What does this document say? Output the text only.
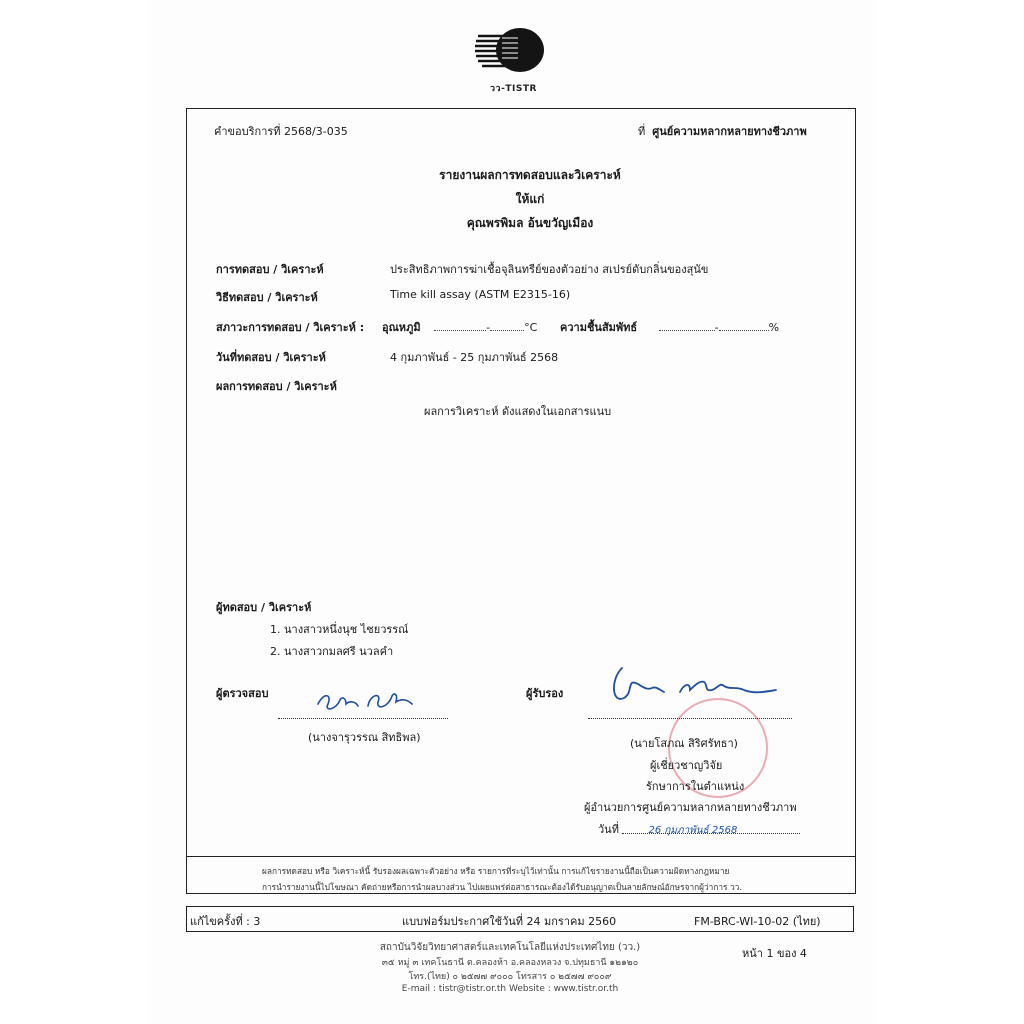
วว-TISTR
คำขอบริการที่ 2568/3-035	ที่ ศูนย์ความหลากหลายทางชีวภาพ
รายงานผลการทดสอบและวิเคราะห์
ให้แก่
คุณพรพิมล อ้นขวัญเมือง
การทดสอบ / วิเคราะห์	ประสิทธิภาพการฆ่าเชื้อจุลินทรีย์ของตัวอย่าง สเปรย์ดับกลิ่นของสุนัข
วิธีทดสอบ / วิเคราะห์	Time kill assay (ASTM E2315-16)
สภาวะการทดสอบ / วิเคราะห์ : อุณหภูมิ	-	°C ความชื้นสัมพัทธ์	-	%
วันที่ทดสอบ / วิเคราะห์	4 กุมภาพันธ์ - 25 กุมภาพันธ์ 2568
ผลการทดสอบ / วิเคราะห์
ผลการวิเคราะห์ ดังแสดงในเอกสารแนบ
ผู้ทดสอบ / วิเคราะห์
1. นางสาวหนึ่งนุช ไชยวรรณ์
2. นางสาวกมลศรี นวลคำ
ผู้ตรวจสอบ
(นางจารุวรรณ สิทธิพล)
ผู้รับรอง
(นายโสภณ สิริศรัทธา)
ผู้เชี่ยวชาญวิจัย
รักษาการในตำแหน่ง
ผู้อำนวยการศูนย์ความหลากหลายทางชีวภาพ
วันที่	26 กุมภาพันธ์ 2568
ผลการทดสอบ หรือ วิเคราะห์นี้ รับรองผลเฉพาะตัวอย่าง หรือ รายการที่ระบุไว้เท่านั้น การแก้ไขรายงานนี้ถือเป็นความผิดทางกฎหมาย
การนำรายงานนี้ไปโฆษณา คัดถ่ายหรือการนำผลบางส่วน ไปเผยแพร่ต่อสาธารณะต้องได้รับอนุญาตเป็นลายลักษณ์อักษรจากผู้ว่าการ วว.
แก้ไขครั้งที่ : 3	แบบฟอร์มประกาศใช้วันที่ 24 มกราคม 2560	FM-BRC-WI-10-02 (ไทย)
สถาบันวิจัยวิทยาศาสตร์และเทคโนโลยีแห่งประเทศไทย (วว.)
๓๕ หมู่ ๓ เทคโนธานี ต.คลองห้า อ.คลองหลวง จ.ปทุมธานี ๑๒๑๒๐
โทร.(ไทย) ๐ ๒๕๗๗ ๙๐๐๐ โทรสาร ๐ ๒๕๗๗ ๙๐๐๙
E-mail : tistr@tistr.or.th Website : www.tistr.or.th
หน้า 1 ของ 4
